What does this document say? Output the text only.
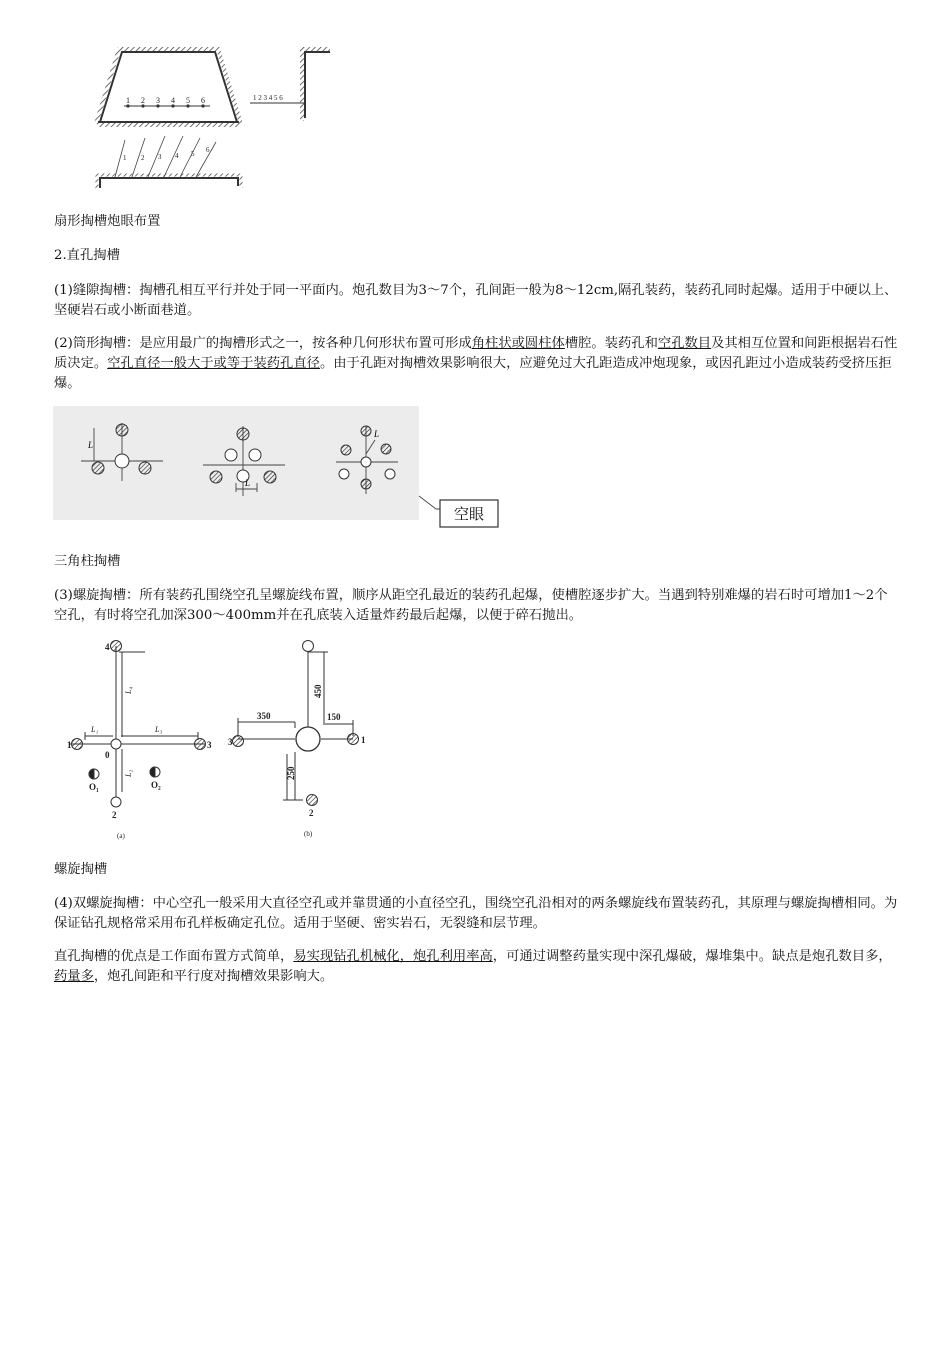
1 2 3 4 5 6	1 2 3 4 5 6
1 2 3 4 5 6

扇形掏槽炮眼布置

2.直孔掏槽

(1)缝隙掏槽：掏槽孔相互平行并处于同一平面内。炮孔数目为3～7个，孔间距一般为8～12cm,隔孔装药，装药孔同时起爆。适用于中硬以上、坚硬岩石或小断面巷道。

(2)筒形掏槽：是应用最广的掏槽形式之一，按各种几何形状布置可形成角柱状或圆柱体槽腔。装药孔和空孔数目及其相互位置和间距根据岩石性质决定。空孔直径一般大于或等于装药孔直径。由于孔距对掏槽效果影响很大，应避免过大孔距造成冲炮现象，或因孔距过小造成装药受挤压拒爆。

L
L
L
空眼

三角柱掏槽

(3)螺旋掏槽：所有装药孔围绕空孔呈螺旋线布置，顺序从距空孔最近的装药孔起爆，使槽腔逐步扩大。当遇到特别难爆的岩石时可增加1～2个空孔，有时将空孔加深300～400mm并在孔底装入适量炸药最后起爆，以便于碎石抛出。

4
1	3
2
0
O₁	O₂
L₁	L₃
L₄
L₂
(a)
3	1
2
350	150
450
250
(b)

螺旋掏槽

(4)双螺旋掏槽：中心空孔一般采用大直径空孔或并靠贯通的小直径空孔，围绕空孔沿相对的两条螺旋线布置装药孔，其原理与螺旋掏槽相同。为保证钻孔规格常采用布孔样板确定孔位。适用于坚硬、密实岩石，无裂缝和层节理。

直孔掏槽的优点是工作面布置方式简单，易实现钻孔机械化，炮孔利用率高，可通过调整药量实现中深孔爆破，爆堆集中。缺点是炮孔数目多，药量多，炮孔间距和平行度对掏槽效果影响大。
